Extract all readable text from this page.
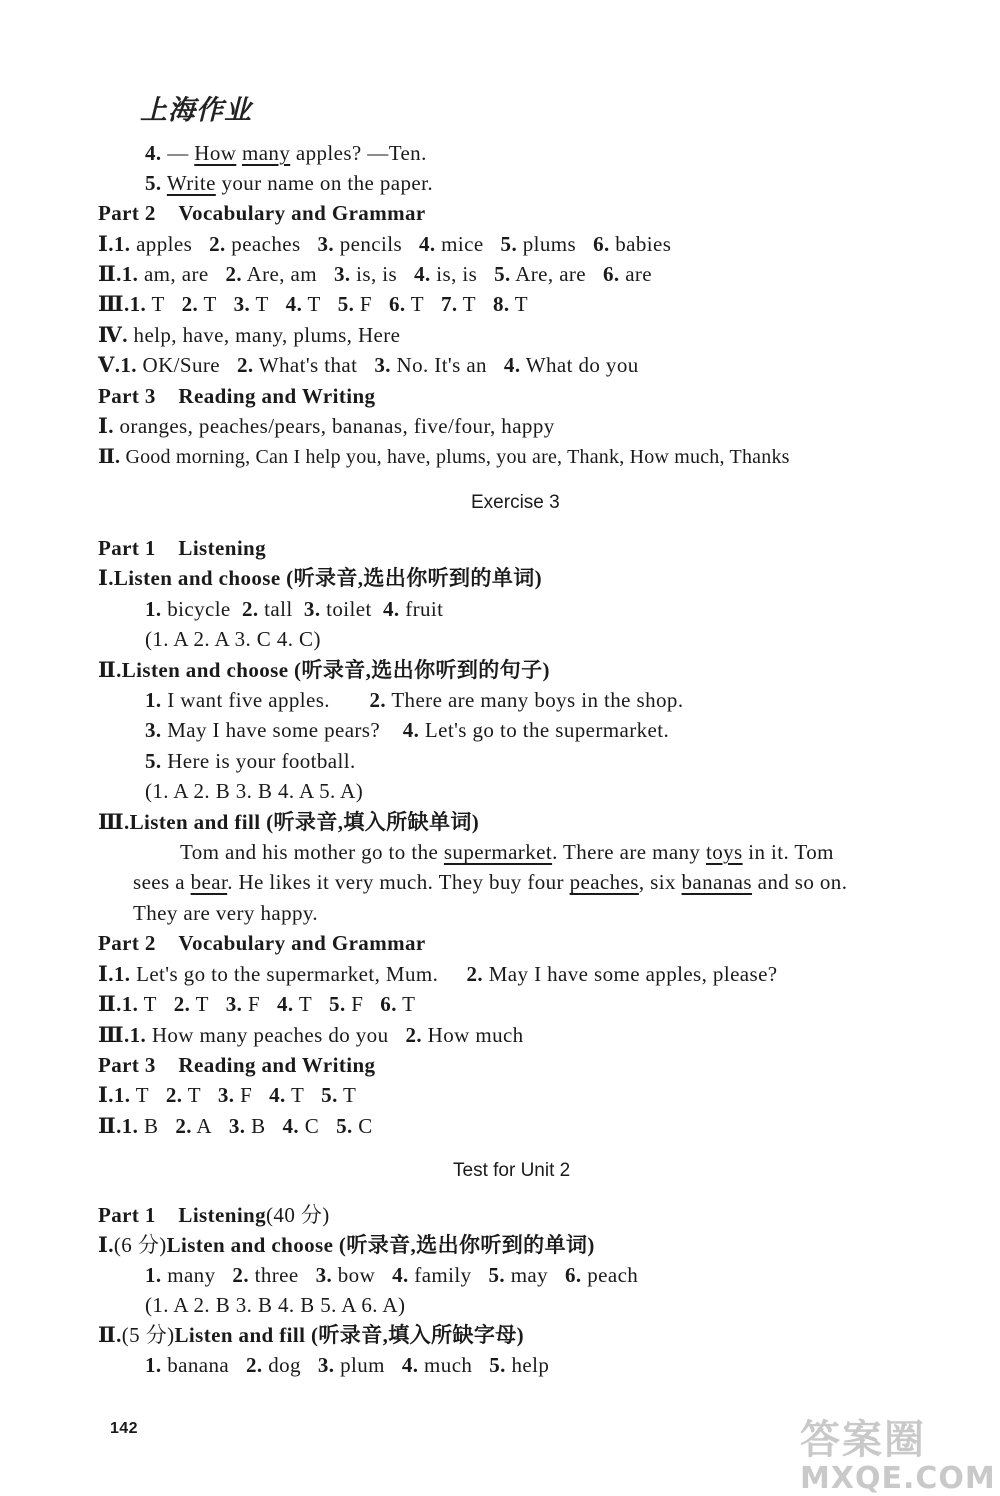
上海作业
4. — How many apples? —Ten.
5. Write your name on the paper.
Part 2 Vocabulary and Grammar
Ⅰ.1. apples 2. peaches 3. pencils 4. mice 5. plums 6. babies
Ⅱ.1. am, are 2. Are, am 3. is, is 4. is, is 5. Are, are 6. are
Ⅲ.1. T 2. T 3. T 4. T 5. F 6. T 7. T 8. T
Ⅳ. help, have, many, plums, Here
Ⅴ.1. OK/Sure 2. What's that 3. No. It's an 4. What do you
Part 3 Reading and Writing
Ⅰ. oranges, peaches/pears, bananas, five/four, happy
Ⅱ. Good morning, Can I help you, have, plums, you are, Thank, How much, Thanks
Exercise 3
Part 1 Listening
Ⅰ.Listen and choose (听录音,选出你听到的单词)
1. bicycle 2. tall 3. toilet 4. fruit
(1. A 2. A 3. C 4. C)
Ⅱ.Listen and choose (听录音,选出你听到的句子)
1. I want five apples. 2. There are many boys in the shop.
3. May I have some pears? 4. Let's go to the supermarket.
5. Here is your football.
(1. A 2. B 3. B 4. A 5. A)
Ⅲ.Listen and fill (听录音,填入所缺单词)
Tom and his mother go to the supermarket. There are many toys in it. Tom
sees a bear. He likes it very much. They buy four peaches, six bananas and so on.
They are very happy.
Part 2 Vocabulary and Grammar
Ⅰ.1. Let's go to the supermarket, Mum. 2. May I have some apples, please?
Ⅱ.1. T 2. T 3. F 4. T 5. F 6. T
Ⅲ.1. How many peaches do you 2. How much
Part 3 Reading and Writing
Ⅰ.1. T 2. T 3. F 4. T 5. T
Ⅱ.1. B 2. A 3. B 4. C 5. C
Test for Unit 2
Part 1 Listening(40 分)
Ⅰ.(6 分)Listen and choose (听录音,选出你听到的单词)
1. many 2. three 3. bow 4. family 5. may 6. peach
(1. A 2. B 3. B 4. B 5. A 6. A)
Ⅱ.(5 分)Listen and fill (听录音,填入所缺字母)
1. banana 2. dog 3. plum 4. much 5. help
142	答案圈
MXQE.COM
